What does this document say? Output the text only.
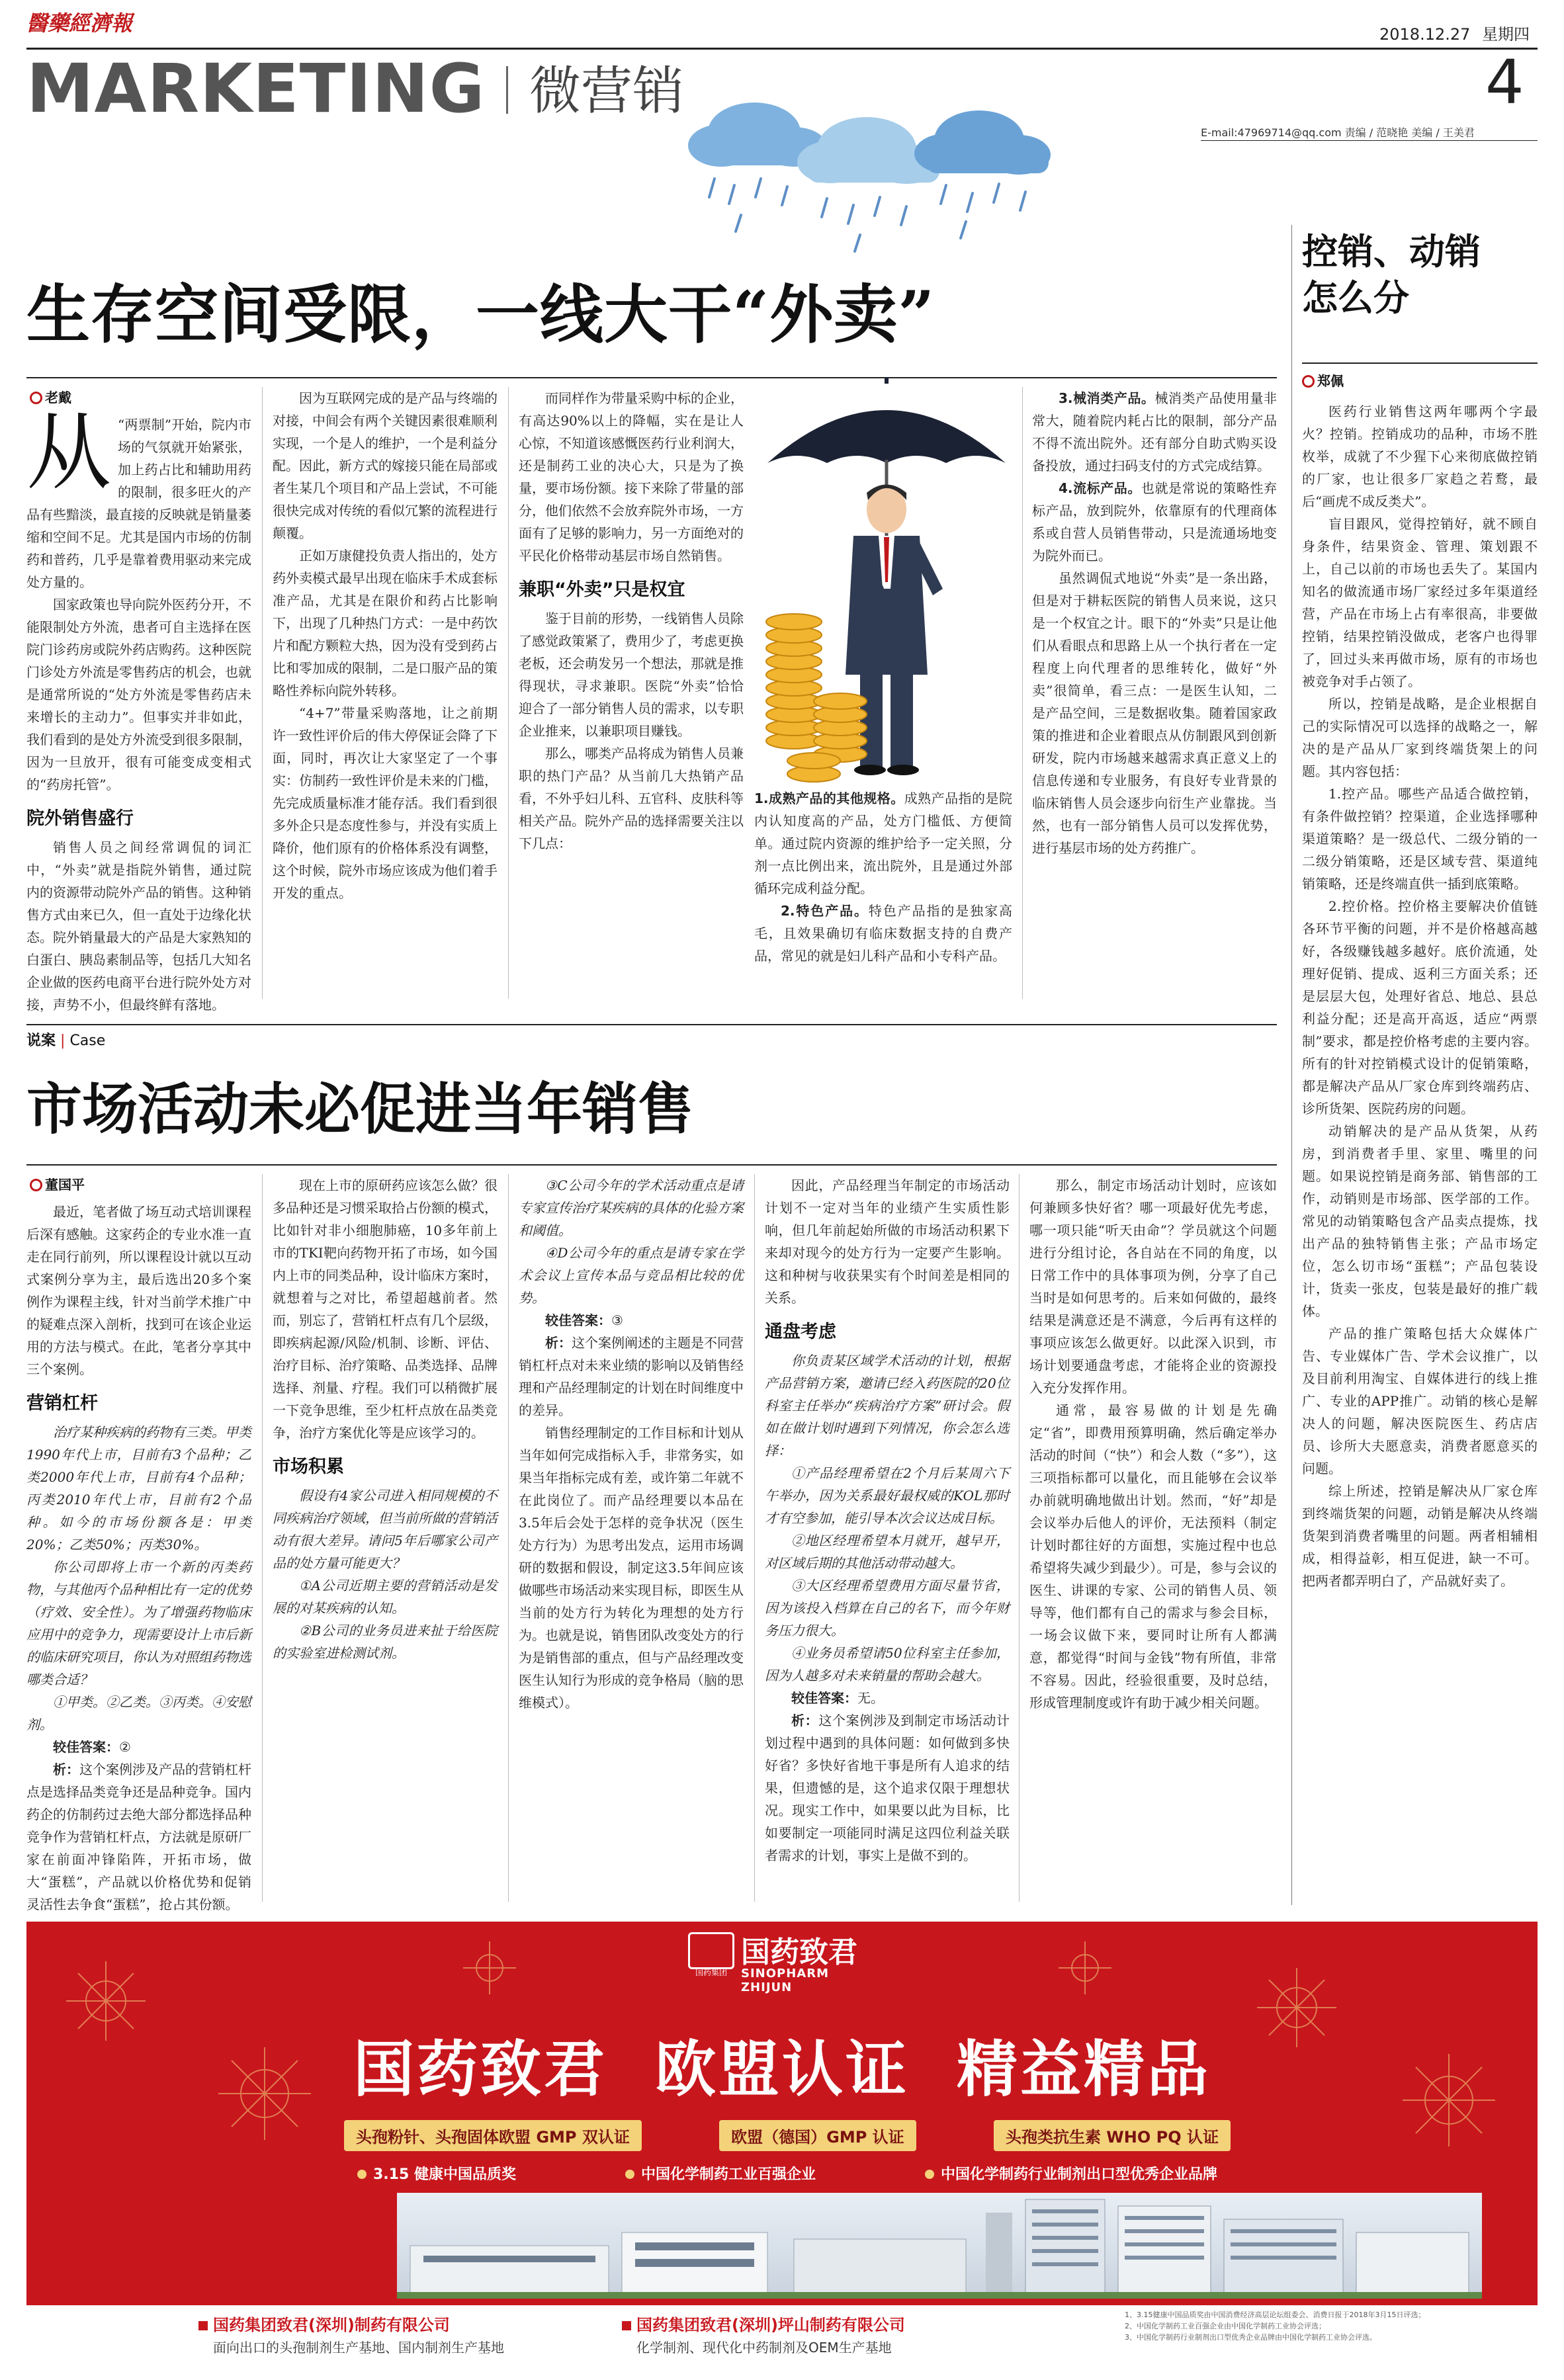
醫藥經濟報	2018.12.27 星期四
MARKETING 微营销	4
E-mail:47969714@qq.com 责编 / 范晓艳 美编 / 王美君
生存空间受限，一线大干“外卖”
老戴

从 “两票制”开始，院内市场的气氛就开始紧张，加上药占比和辅助用药的限制，很多旺火的产品有些黯淡，最直接的反映就是销量萎缩和空间不足。尤其是国内市场的仿制药和普药，几乎是靠着费用驱动来完成处方量的。

国家政策也导向院外医药分开，不能限制处方外流，患者可自主选择在医院门诊药房或院外药店购药。这种医院门诊处方外流是零售药店的机会，也就是通常所说的“处方外流是零售药店未来增长的主动力”。但事实并非如此，我们看到的是处方外流受到很多限制，因为一旦放开，很有可能变成变相式的“药房托管”。

院外销售盛行

销售人员之间经常调侃的词汇中，“外卖”就是指院外销售，通过院内的资源带动院外产品的销售。这种销售方式由来已久，但一直处于边缘化状态。院外销量最大的产品是大家熟知的白蛋白、胰岛素制品等，包括几大知名企业做的医药电商平台进行院外处方对接，声势不小，但最终鲜有落地。

因为互联网完成的是产品与终端的对接，中间会有两个关键因素很难顺利实现，一个是人的维护，一个是利益分配。因此，新方式的嫁接只能在局部或者生某几个项目和产品上尝试，不可能很快完成对传统的看似冗繁的流程进行颠覆。

正如万康健投负责人指出的，处方药外卖模式最早出现在临床手术成套标准产品，尤其是在限价和药占比影响下，出现了几种热门方式：一是中药饮片和配方颗粒大热，因为没有受到药占比和零加成的限制，二是口服产品的策略性养标向院外转移。

“4+7”带量采购落地，让之前期许一致性评价后的伟大停保证会降了下面，同时，再次让大家坚定了一个事实：仿制药一致性评价是未来的门槛，先完成质量标准才能存活。我们看到很多外企只是态度性参与，并没有实质上降价，他们原有的价格体系没有调整，这个时候，院外市场应该成为他们着手开发的重点。

而同样作为带量采购中标的企业，有高达90%以上的降幅，实在是让人心惊，不知道该感慨医药行业利润大，还是制药工业的决心大，只是为了换量，要市场份额。接下来除了带量的部分，他们依然不会放弃院外市场，一方面有了足够的影响力，另一方面绝对的平民化价格带动基层市场自然销售。

兼职“外卖”只是权宜

鉴于目前的形势，一线销售人员除了感觉政策紧了，费用少了，考虑更换老板，还会萌发另一个想法，那就是推得现状，寻求兼职。医院“外卖”恰恰迎合了一部分销售人员的需求，以专职企业推来，以兼职项目赚钱。

那么，哪类产品将成为销售人员兼职的热门产品？从当前几大热销产品看，不外乎妇儿科、五官科、皮肤科等相关产品。院外产品的选择需要关注以下几点：

1.成熟产品的其他规格。成熟产品指的是院内认知度高的产品，处方门槛低、方便简单。通过院内资源的维护给予一定关照，分剂一点比例出来，流出院外，且是通过外部循环完成利益分配。

2.特色产品。特色产品指的是独家高毛，且效果确切有临床数据支持的自费产品，常见的就是妇儿科产品和小专科产品。

3.械消类产品。械消类产品使用量非常大，随着院内耗占比的限制，部分产品不得不流出院外。还有部分自助式购买设备投放，通过扫码支付的方式完成结算。

4.流标产品。也就是常说的策略性弃标产品，放到院外，依靠原有的代理商体系或自营人员销售带动，只是流通场地变为院外而已。

虽然调侃式地说“外卖”是一条出路，但是对于耕耘医院的销售人员来说，这只是一个权宜之计。眼下的“外卖”只是让他们从看眼点和思路上从一个执行者在一定程度上向代理者的思维转化，做好“外卖”很简单，看三点：一是医生认知，二是产品空间，三是数据收集。随着国家政策的推进和企业着眼点从仿制跟风到创新研发，院内市场越来越需求真正意义上的信息传递和专业服务，有良好专业背景的临床销售人员会逐步向衍生产业靠拢。当然，也有一部分销售人员可以发挥优势，进行基层市场的处方药推广。

控销、动销
怎么分
郑佩

医药行业销售这两年哪两个字最火？控销。控销成功的品种，市场不胜枚举，成就了不少猩下心来彻底做控销的厂家，也让很多厂家趋之若鹜，最后“画虎不成反类犬”。

盲目跟风，觉得控销好，就不顾自身条件，结果资金、管理、策划跟不上，自己以前的市场也丢失了。某国内知名的做流通市场厂家经过多年渠道经营，产品在市场上占有率很高，非要做控销，结果控销没做成，老客户也得罪了，回过头来再做市场，原有的市场也被竞争对手占领了。

所以，控销是战略，是企业根据自己的实际情况可以选择的战略之一，解决的是产品从厂家到终端货架上的问题。其内容包括：

1.控产品。哪些产品适合做控销，有条件做控销？控渠道，企业选择哪种渠道策略？是一级总代、二级分销的一二级分销策略，还是区域专营、渠道纯销策略，还是终端直供一插到底策略。

2.控价格。控价格主要解决价值链各环节平衡的问题，并不是价格越高越好，各级赚钱越多越好。底价流通，处理好促销、提成、返利三方面关系；还是层层大包，处理好省总、地总、县总利益分配；还是高开高返，适应“两票制”要求，都是控价格考虑的主要内容。所有的针对控销模式设计的促销策略，都是解决产品从厂家仓库到终端药店、诊所货架、医院药房的问题。

动销解决的是产品从货架，从药房，到消费者手里、家里、嘴里的问题。如果说控销是商务部、销售部的工作，动销则是市场部、医学部的工作。常见的动销策略包含产品卖点提炼，找出产品的独特销售主张；产品市场定位，怎么切市场“蛋糕”；产品包装设计，货卖一张皮，包装是最好的推广载体。

产品的推广策略包括大众媒体广告、专业媒体广告、学术会议推广，以及目前利用淘宝、自媒体进行的线上推广、专业的APP推广。动销的核心是解决人的问题，解决医院医生、药店店员、诊所大夫愿意卖，消费者愿意买的问题。

综上所述，控销是解决从厂家仓库到终端货架的问题，动销是解决从终端货架到消费者嘴里的问题。两者相辅相成，相得益彰，相互促进，缺一不可。把两者都弄明白了，产品就好卖了。

说案 | Case
市场活动未必促进当年销售
董国平

最近，笔者做了场互动式培训课程后深有感触。这家药企的专业水准一直走在同行前列，所以课程设计就以互动式案例分享为主，最后选出20多个案例作为课程主线，针对当前学术推广中的疑难点深入剖析，找到可在该企业运用的方法与模式。在此，笔者分享其中三个案例。

营销杠杆

治疗某种疾病的药物有三类。甲类1990年代上市，目前有3个品种；乙类2000年代上市，目前有4个品种；丙类2010年代上市，目前有2个品种。如今的市场份额各是：甲类20%；乙类50%；丙类30%。

你公司即将上市一个新的丙类药物，与其他丙个品种相比有一定的优势（疗效、安全性）。为了增强药物临床应用中的竞争力，现需要设计上市后新的临床研究项目，你认为对照组药物选哪类合适？

①甲类。②乙类。③丙类。④安慰剂。

较佳答案：②

析：这个案例涉及产品的营销杠杆点是选择品类竞争还是品种竞争。国内药企的仿制药过去绝大部分都选择品种竞争作为营销杠杆点，方法就是原研厂家在前面冲锋陷阵，开拓市场，做大“蛋糕”，产品就以价格优势和促销灵活性去争食“蛋糕”，抢占其份额。

现在上市的原研药应该怎么做？很多品种还是习惯采取拾占份额的模式，比如针对非小细胞肺癌，10多年前上市的TKI靶向药物开拓了市场，如今国内上市的同类品种，设计临床方案时，就想着与之对比，希望超越前者。然而，别忘了，营销杠杆点有几个层级，即疾病起源/风险/机制、诊断、评估、治疗目标、治疗策略、品类选择、品牌选择、剂量、疗程。我们可以稍微扩展一下竞争思维，至少杠杆点放在品类竞争，治疗方案优化等是应该学习的。

市场积累

假设有4家公司进入相同规模的不同疾病治疗领域，但当前所做的营销活动有很大差异。请问5年后哪家公司产品的处方量可能更大？

①A公司近期主要的营销活动是发展的对某疾病的认知。

②B公司的业务员进来扯于给医院的实验室进检测试剂。

③C公司今年的学术活动重点是请专家宣传治疗某疾病的具体的化验方案和阈值。

④D公司今年的重点是请专家在学术会议上宣传本品与竞品相比较的优势。

较佳答案：③

析：这个案例阐述的主题是不同营销杠杆点对未来业绩的影响以及销售经理和产品经理制定的计划在时间维度中的差异。

销售经理制定的工作目标和计划从当年如何完成指标入手，非常务实，如果当年指标完成有差，或许第二年就不在此岗位了。而产品经理要以本品在3.5年后会处于怎样的竞争状况（医生处方行为）为思考出发点，运用市场调研的数据和假设，制定这3.5年间应该做哪些市场活动来实现目标，即医生从当前的处方行为转化为理想的处方行为。也就是说，销售团队改变处方的行为是销售部的重点，但与产品经理改变医生认知行为形成的竞争格局（脑的思维模式）。

因此，产品经理当年制定的市场活动计划不一定对当年的业绩产生实质性影响，但几年前起始所做的市场活动积累下来却对现今的处方行为一定要产生影响。这和种树与收获果实有个时间差是相同的关系。

通盘考虑

你负责某区域学术活动的计划，根据产品营销方案，邀请已经入药医院的20位科室主任举办“疾病治疗方案”研讨会。假如在做计划时遇到下列情况，你会怎么选择：

①产品经理希望在2个月后某周六下午举办，因为关系最好最权威的KOL那时才有空参加，能引导本次会议达成目标。

②地区经理希望本月就开，越早开，对区域后期的其他活动带动越大。

③大区经理希望费用方面尽量节省，因为该投入档算在自己的名下，而今年财务压力很大。

④业务员希望请50位科室主任参加，因为人越多对未来销量的帮助会越大。

较佳答案：无。

析：这个案例涉及到制定市场活动计划过程中遇到的具体问题：如何做到多快好省？多快好省地干事是所有人追求的结果，但遗憾的是，这个追求仅限于理想状况。现实工作中，如果要以此为目标，比如要制定一项能同时满足这四位利益关联者需求的计划，事实上是做不到的。

那么，制定市场活动计划时，应该如何兼顾多快好省？哪一项最好优先考虑，哪一项只能“听天由命”？学员就这个问题进行分组讨论，各自站在不同的角度，以日常工作中的具体事项为例，分享了自己当时是如何思考的。后来如何做的，最终结果是满意还是不满意，今后再有这样的事项应该怎么做更好。以此深入识到，市场计划要通盘考虑，才能将企业的资源投入充分发挥作用。

通常，最容易做的计划是先确定“省”，即费用预算明确，然后确定举办活动的时间（“快”）和会人数（“多”），这三项指标都可以量化，而且能够在会议举办前就明确地做出计划。然而，“好”却是会议举办后他人的评价，无法预料（制定计划时都往好的方面想，实施过程中也总希望将失减少到最少）。可是，参与会议的医生、讲课的专家、公司的销售人员、领导等，他们都有自己的需求与参会目标，一场会议做下来，要同时让所有人都满意，都觉得“时间与金钱”物有所值，非常不容易。因此，经验很重要，及时总结，形成管理制度或许有助于减少相关问题。

国药集团
国药致君
SINOPHARM ZHIJUN
国药致君  欧盟认证  精益精品
头孢粉针、头孢固体欧盟 GMP 双认证	欧盟（德国）GMP 认证	头孢类抗生素 WHO PQ 认证
3.15 健康中国品质奖	中国化学制药工业百强企业	中国化学制药行业制剂出口型优秀企业品牌
国药集团致君(深圳)制药有限公司
面向出口的头孢制剂生产基地、国内制剂生产基地
国药集团致君(深圳)坪山制药有限公司
化学制剂、现代化中药制剂及OEM生产基地
1、3.15健康中国品质奖由中国消费经济高层论坛组委会、消费日报于2018年3月15日评选；
2、中国化学制药工业百强企业由中国化学制药工业协会评选；
3、中国化学制药行业制剂出口型优秀企业品牌由中国化学制药工业协会评选。
